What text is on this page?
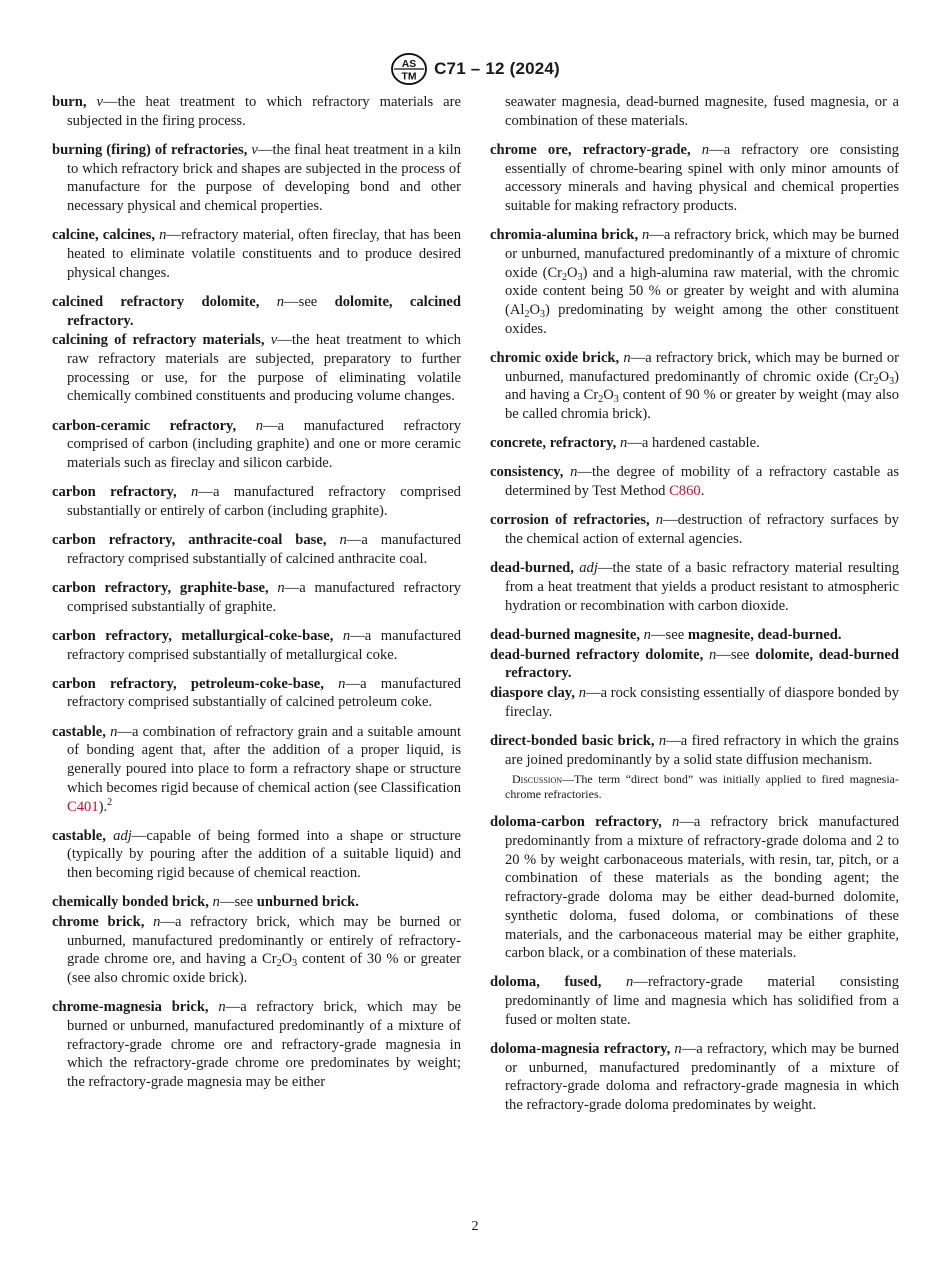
AS
TM C71 – 12 (2024)

burn, v—the heat treatment to which refractory materials are subjected in the firing process.

burning (firing) of refractories, v—the final heat treatment in a kiln to which refractory brick and shapes are subjected in the process of manufacture for the purpose of developing bond and other necessary physical and chemical properties.

calcine, calcines, n—refractory material, often fireclay, that has been heated to eliminate volatile constituents and to produce desired physical changes.

calcined refractory dolomite, n—see dolomite, calcined refractory.

calcining of refractory materials, v—the heat treatment to which raw refractory materials are subjected, preparatory to further processing or use, for the purpose of eliminating volatile chemically combined constituents and producing volume changes.

carbon-ceramic refractory, n—a manufactured refractory comprised of carbon (including graphite) and one or more ceramic materials such as fireclay and silicon carbide.

carbon refractory, n—a manufactured refractory comprised substantially or entirely of carbon (including graphite).

carbon refractory, anthracite-coal base, n—a manufactured refractory comprised substantially of calcined anthracite coal.

carbon refractory, graphite-base, n—a manufactured refractory comprised substantially of graphite.

carbon refractory, metallurgical-coke-base, n—a manufactured refractory comprised substantially of metallurgical coke.

carbon refractory, petroleum-coke-base, n—a manufactured refractory comprised substantially of calcined petroleum coke.

castable, n—a combination of refractory grain and a suitable amount of bonding agent that, after the addition of a proper liquid, is generally poured into place to form a refractory shape or structure which becomes rigid because of chemical action (see Classification C401).$^2$

castable, adj—capable of being formed into a shape or structure (typically by pouring after the addition of a suitable liquid) and then becoming rigid because of chemical reaction.

chemically bonded brick, n—see unburned brick.

chrome brick, n—a refractory brick, which may be burned or unburned, manufactured predominantly or entirely of refractory-grade chrome ore, and having a $Cr_2O_3$ content of 30 % or greater (see also chromic oxide brick).

chrome-magnesia brick, n—a refractory brick, which may be burned or unburned, manufactured predominantly of a mixture of refractory-grade chrome ore and refractory-grade magnesia in which the refractory-grade chrome ore predominates by weight; the refractory-grade magnesia may be either

seawater magnesia, dead-burned magnesite, fused magnesia, or a combination of these materials.

chrome ore, refractory-grade, n—a refractory ore consisting essentially of chrome-bearing spinel with only minor amounts of accessory minerals and having physical and chemical properties suitable for making refractory products.

chromia-alumina brick, n—a refractory brick, which may be burned or unburned, manufactured predominantly of a mixture of chromic oxide $(Cr_2O_3)$ and a high-alumina raw material, with the chromic oxide content being 50 % or greater by weight and with alumina $(Al_2O_3)$ predominating by weight among the other constituent oxides.

chromic oxide brick, n—a refractory brick, which may be burned or unburned, manufactured predominantly of chromic oxide $(Cr_2O_3)$ and having a $Cr_2O_3$ content of 90 % or greater by weight (may also be called chromia brick).

concrete, refractory, n—a hardened castable.

consistency, n—the degree of mobility of a refractory castable as determined by Test Method C860.

corrosion of refractories, n—destruction of refractory surfaces by the chemical action of external agencies.

dead-burned, adj—the state of a basic refractory material resulting from a heat treatment that yields a product resistant to atmospheric hydration or recombination with carbon dioxide.

dead-burned magnesite, n—see magnesite, dead-burned.

dead-burned refractory dolomite, n—see dolomite, dead-burned refractory.

diaspore clay, n—a rock consisting essentially of diaspore bonded by fireclay.

direct-bonded basic brick, n—a fired refractory in which the grains are joined predominantly by a solid state diffusion mechanism.

Discussion—The term “direct bond” was initially applied to fired magnesia-chrome refractories.

doloma-carbon refractory, n—a refractory brick manufactured predominantly from a mixture of refractory-grade doloma and 2 to 20 % by weight carbonaceous materials, with resin, tar, pitch, or a combination of these materials as the bonding agent; the refractory-grade doloma may be either dead-burned dolomite, synthetic doloma, fused doloma, or combinations of these materials, and the carbonaceous material may be either graphite, carbon black, or a combination of these materials.

doloma, fused, n—refractory-grade material consisting predominantly of lime and magnesia which has solidified from a fused or molten state.

doloma-magnesia refractory, n—a refractory, which may be burned or unburned, manufactured predominantly of a mixture of refractory-grade doloma and refractory-grade magnesia in which the refractory-grade doloma predominates by weight.

2
